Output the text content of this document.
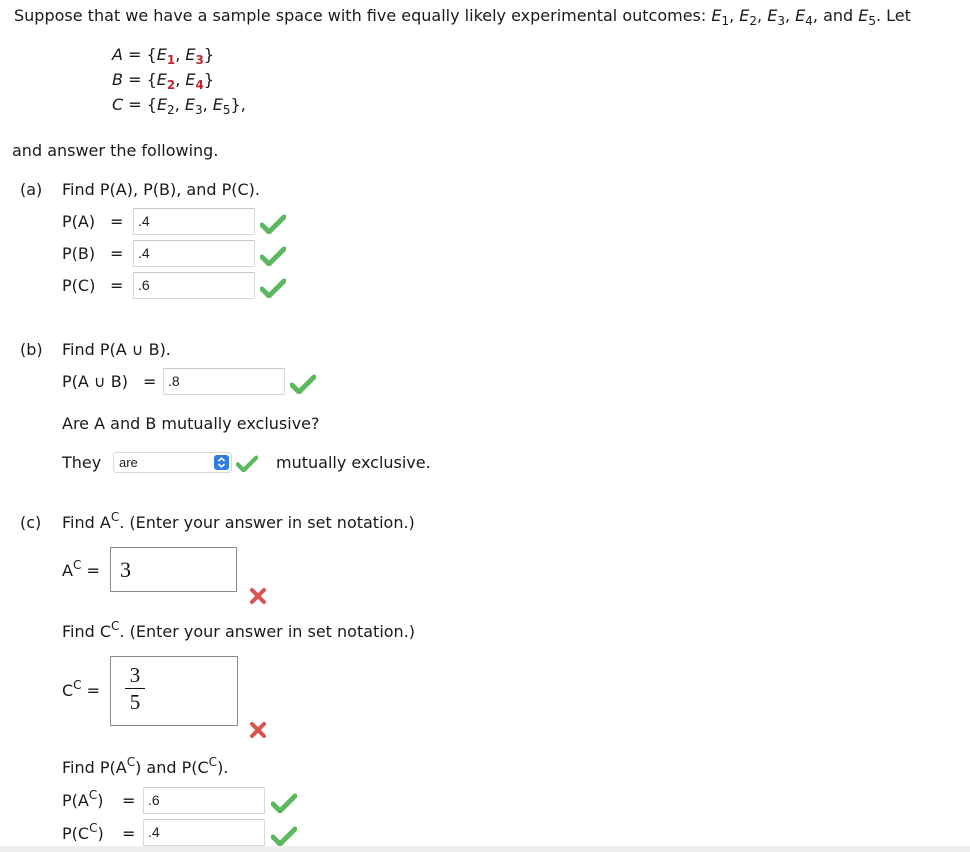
Suppose that we have a sample space with five equally likely experimental outcomes: $E_1$, $E_2$, $E_3$, $E_4$, and $E_5$. Let
$A = \{E_1$, $E_3$}
$B = \{E_2$, $E_4$}
$C = \{E_2$, $E_3$, $E_5$},
and answer the following.
(a) Find P(A), P(B), and P(C).
P(A) =	.4
P(B) =	.4
P(C) =	.6
(b) Find P(A ∪ B).
P(A ∪ B) = .8
Are A and B mutually exclusive?
They	are	mutually exclusive.
(c) Find $A^C$. (Enter your answer in set notation.)
$A^C = 3$
Find $C^C$. (Enter your answer in set notation.)
$C^C$ =
3
5
Find $P(A^C)$ and $P(C^C)$.
$P(A^C) = .6$
$P(C^C) = .4$
